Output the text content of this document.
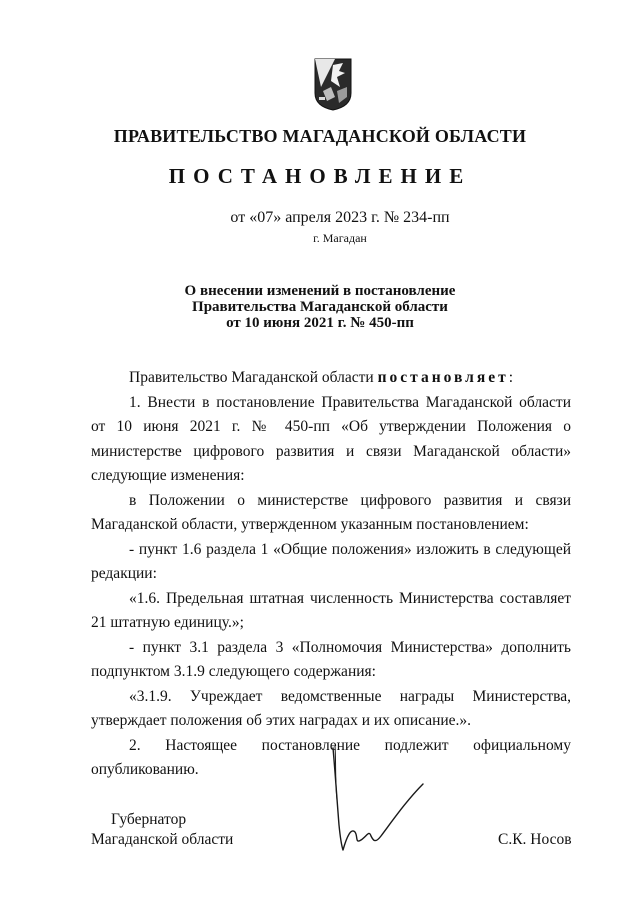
ПРАВИТЕЛЬСТВО МАГАДАНСКОЙ ОБЛАСТИ
ПОСТАНОВЛЕНИЕ
от «07» апреля 2023 г. № 234-пп
г. Магадан
О внесении изменений в постановление
Правительства Магаданской области
от 10 июня 2021 г. № 450-пп

Правительство Магаданской области постановляет:

1. Внести в постановление Правительства Магаданской области от 10 июня 2021 г. № 450-пп «Об утверждении Положения о министерстве цифрового развития и связи Магаданской области» следующие изменения:

в Положении о министерстве цифрового развития и связи Магаданской области, утвержденном указанным постановлением:

- пункт 1.6 раздела 1 «Общие положения» изложить в следующей редакции:

«1.6. Предельная штатная численность Министерства составляет 21 штатную единицу.»;

- пункт 3.1 раздела 3 «Полномочия Министерства» дополнить подпунктом 3.1.9 следующего содержания:

«3.1.9. Учреждает ведомственные награды Министерства, утверждает положения об этих наградах и их описание.».

2. Настоящее постановление подлежит официальному опубликованию.

Губернатор
Магаданской области	С.К. Носов
